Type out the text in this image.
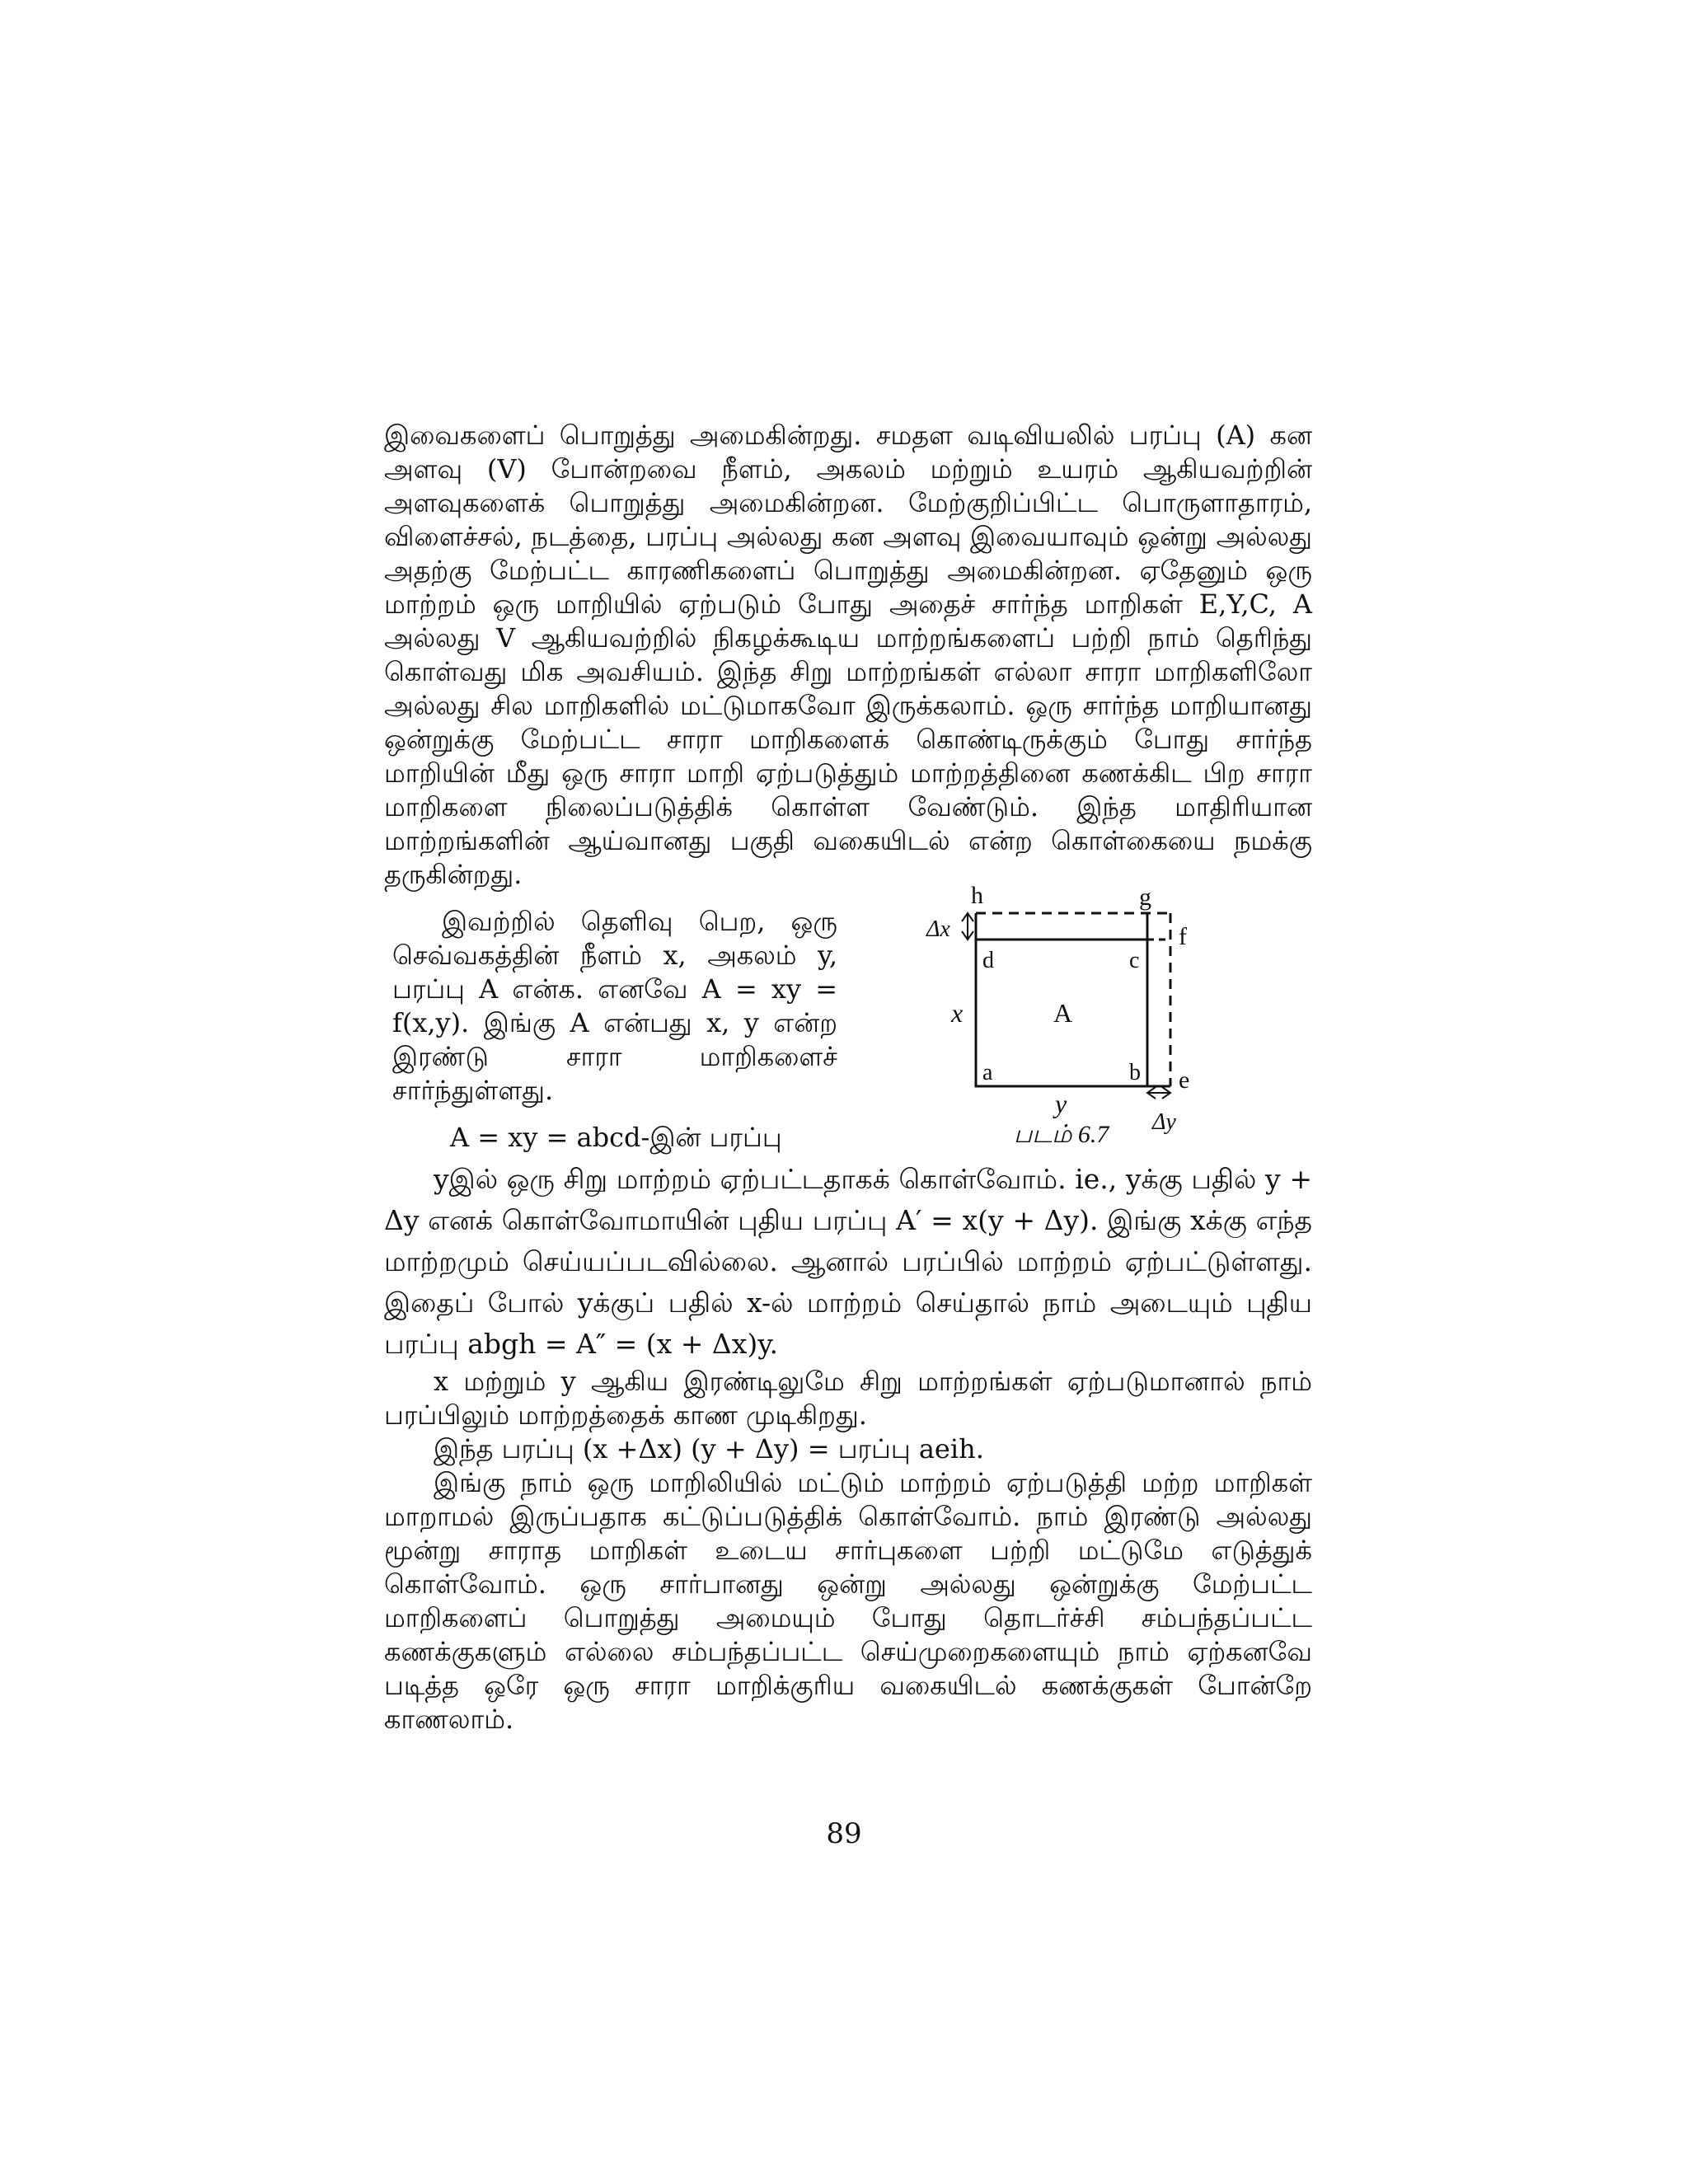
இவைகளைப் பொறுத்து அமைகின்றது. சமதள வடிவியலில் பரப்பு (A) கன அளவு (V) போன்றவை நீளம், அகலம் மற்றும் உயரம் ஆகியவற்றின் அளவுகளைக் பொறுத்து அமைகின்றன. மேற்குறிப்பிட்ட பொருளாதாரம், விளைச்சல், நடத்தை, பரப்பு அல்லது கன அளவு இவையாவும் ஒன்று அல்லது அதற்கு மேற்பட்ட காரணிகளைப் பொறுத்து அமைகின்றன. ஏதேனும் ஒரு மாற்றம் ஒரு மாறியில் ஏற்படும் போது அதைச் சார்ந்த மாறிகள் E,Y,C, A அல்லது V ஆகியவற்றில் நிகழக்கூடிய மாற்றங்களைப் பற்றி நாம் தெரிந்து கொள்வது மிக அவசியம். இந்த சிறு மாற்றங்கள் எல்லா சாரா மாறிகளிலோ அல்லது சில மாறிகளில் மட்டுமாகவோ இருக்கலாம். ஒரு சார்ந்த மாறியானது ஒன்றுக்கு மேற்பட்ட சாரா மாறிகளைக் கொண்டிருக்கும் போது சார்ந்த மாறியின் மீது ஒரு சாரா மாறி ஏற்படுத்தும் மாற்றத்தினை கணக்கிட பிற சாரா மாறிகளை நிலைப்படுத்திக் கொள்ள வேண்டும். இந்த மாதிரியான மாற்றங்களின் ஆய்வானது பகுதி வகையிடல் என்ற கொள்கையை நமக்கு தருகின்றது.

இவற்றில் தெளிவு பெற, ஒரு செவ்வகத்தின் நீளம் x, அகலம் y, பரப்பு A என்க. எனவே A = xy = f(x,y). இங்கு A என்பது x, y என்ற இரண்டு சாரா மாறிகளைச் சார்ந்துள்ளது.

A = xy = abcd-இன் பரப்பு
h	g
f
e
d	c
a	b
A
x
y
Δx
Δy
படம் 6.7

yஇல் ஒரு சிறு மாற்றம் ஏற்பட்டதாகக் கொள்வோம். ie., yக்கு பதில் y + Δy எனக் கொள்வோமாயின் புதிய பரப்பு A′ = x(y + Δy). இங்கு xக்கு எந்த மாற்றமும் செய்யப்படவில்லை. ஆனால் பரப்பில் மாற்றம் ஏற்பட்டுள்ளது. இதைப் போல் yக்குப் பதில் x-ல் மாற்றம் செய்தால் நாம் அடையும் புதிய பரப்பு abgh = A″ = (x + Δx)y.

x மற்றும் y ஆகிய இரண்டிலுமே சிறு மாற்றங்கள் ஏற்படுமானால் நாம் பரப்பிலும் மாற்றத்தைக் காண முடிகிறது.

இந்த பரப்பு (x +Δx) (y + Δy) = பரப்பு aeih.

இங்கு நாம் ஒரு மாறிலியில் மட்டும் மாற்றம் ஏற்படுத்தி மற்ற மாறிகள் மாறாமல் இருப்பதாக கட்டுப்படுத்திக் கொள்வோம். நாம் இரண்டு அல்லது மூன்று சாராத மாறிகள் உடைய சார்புகளை பற்றி மட்டுமே எடுத்துக் கொள்வோம். ஒரு சார்பானது ஒன்று அல்லது ஒன்றுக்கு மேற்பட்ட மாறிகளைப் பொறுத்து அமையும் போது தொடர்ச்சி சம்பந்தப்பட்ட கணக்குகளும் எல்லை சம்பந்தப்பட்ட செய்முறைகளையும் நாம் ஏற்கனவே படித்த ஒரே ஒரு சாரா மாறிக்குரிய வகையிடல் கணக்குகள் போன்றே காணலாம்.

89
